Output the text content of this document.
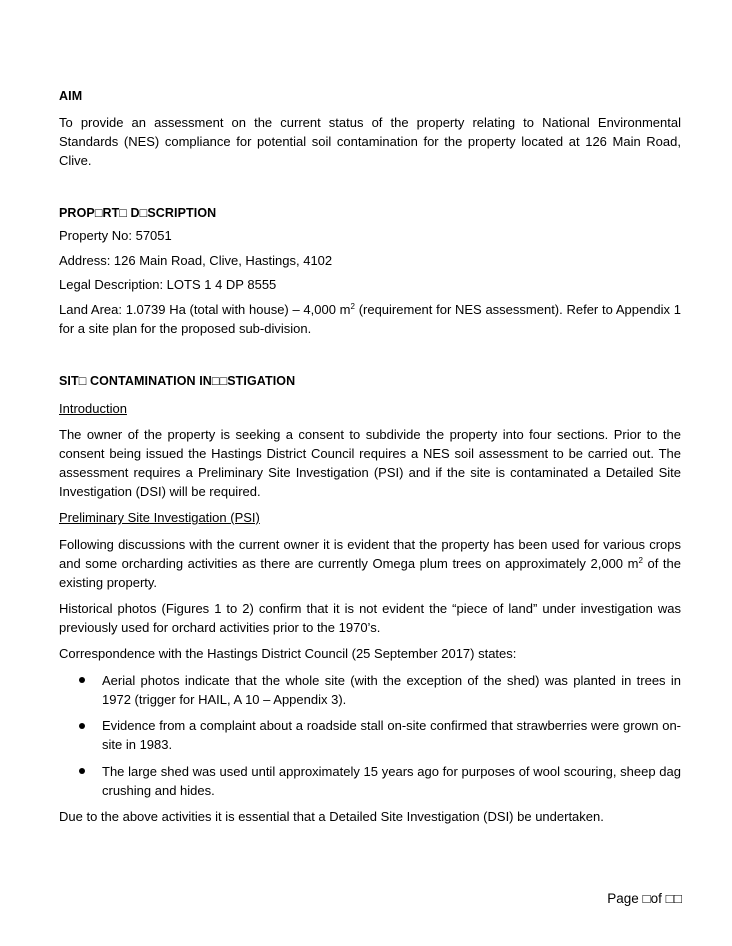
AIM
To provide an assessment on the current status of the property relating to National Environmental Standards (NES) compliance for potential soil contamination for the property located at 126 Main Road, Clive.
PROP□RT□ D□SCRIPTION
Property No: 57051
Address: 126 Main Road, Clive, Hastings, 4102
Legal Description: LOTS 1 4 DP 8555
Land Area: 1.0739 Ha (total with house) – 4,000 $m^2$ (requirement for NES assessment). Refer to Appendix 1 for a site plan for the proposed sub-division.
SIT□ CONTAMINATION IN□□STIGATION
Introduction
The owner of the property is seeking a consent to subdivide the property into four sections. Prior to the consent being issued the Hastings District Council requires a NES soil assessment to be carried out. The assessment requires a Preliminary Site Investigation (PSI) and if the site is contaminated a Detailed Site Investigation (DSI) will be required.
Preliminary Site Investigation (PSI)
Following discussions with the current owner it is evident that the property has been used for various crops and some orcharding activities as there are currently Omega plum trees on approximately 2,000 $m^2$ of the existing property.
Historical photos (Figures 1 to 2) confirm that it is not evident the “piece of land” under investigation was previously used for orchard activities prior to the 1970’s.
Correspondence with the Hastings District Council (25 September 2017) states:
Aerial photos indicate that the whole site (with the exception of the shed) was planted in trees in 1972 (trigger for HAIL, A 10 – Appendix 3).
Evidence from a complaint about a roadside stall on-site confirmed that strawberries were grown on-site in 1983.
The large shed was used until approximately 15 years ago for purposes of wool scouring, sheep dag crushing and hides.
Due to the above activities it is essential that a Detailed Site Investigation (DSI) be undertaken.
Page □of □□
